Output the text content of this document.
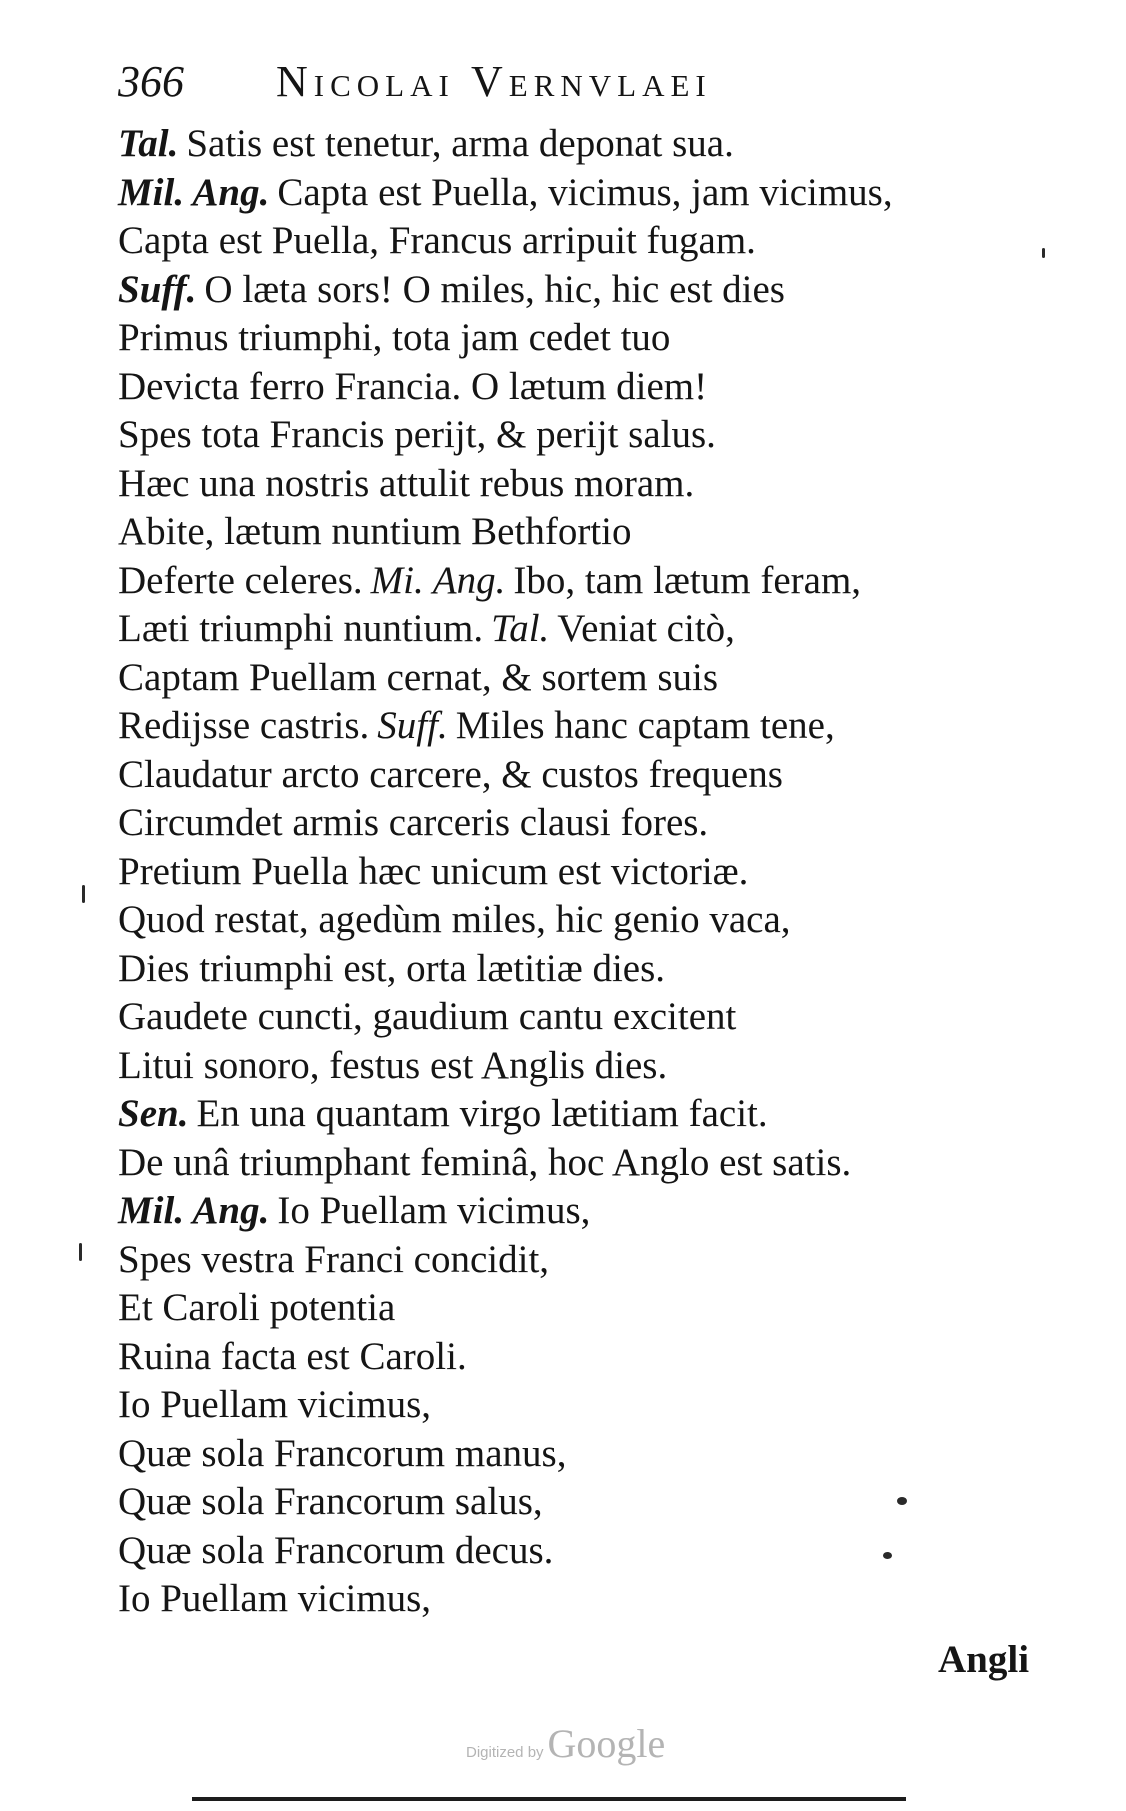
366 Nicolai Vernvlaei
Tal. Satis est tenetur, arma deponat sua.
Mil. Ang. Capta est Puella, vicimus, jam vicimus,
Capta est Puella, Francus arripuit fugam.
Suff. O læta sors! O miles, hic, hic est dies
Primus triumphi, tota jam cedet tuo
Devicta ferro Francia. O lætum diem!
Spes tota Francis perijt, & perijt salus.
Hæc una nostris attulit rebus moram.
Abite, lætum nuntium Bethfortio
Deferte celeres. Mi. Ang. Ibo, tam lætum feram,
Læti triumphi nuntium. Tal. Veniat citò,
Captam Puellam cernat, & sortem suis
Redijsse castris. Suff. Miles hanc captam tene,
Claudatur arcto carcere, & custos frequens
Circumdet armis carceris clausi fores.
Pretium Puella hæc unicum est victoriæ.
Quod restat, agedùm miles, hic genio vaca,
Dies triumphi est, orta lætitiæ dies.
Gaudete cuncti, gaudium cantu excitent
Litui sonoro, festus est Anglis dies.
Sen. En una quantam virgo lætitiam facit.
De unâ triumphant feminâ, hoc Anglo est satis.
Mil. Ang. Io Puellam vicimus,
Spes vestra Franci concidit,
Et Caroli potentia
Ruina facta est Caroli.
Io Puellam vicimus,
Quæ sola Francorum manus,
Quæ sola Francorum salus,
Quæ sola Francorum decus.
Io Puellam vicimus,
Angli
Digitized by Google
